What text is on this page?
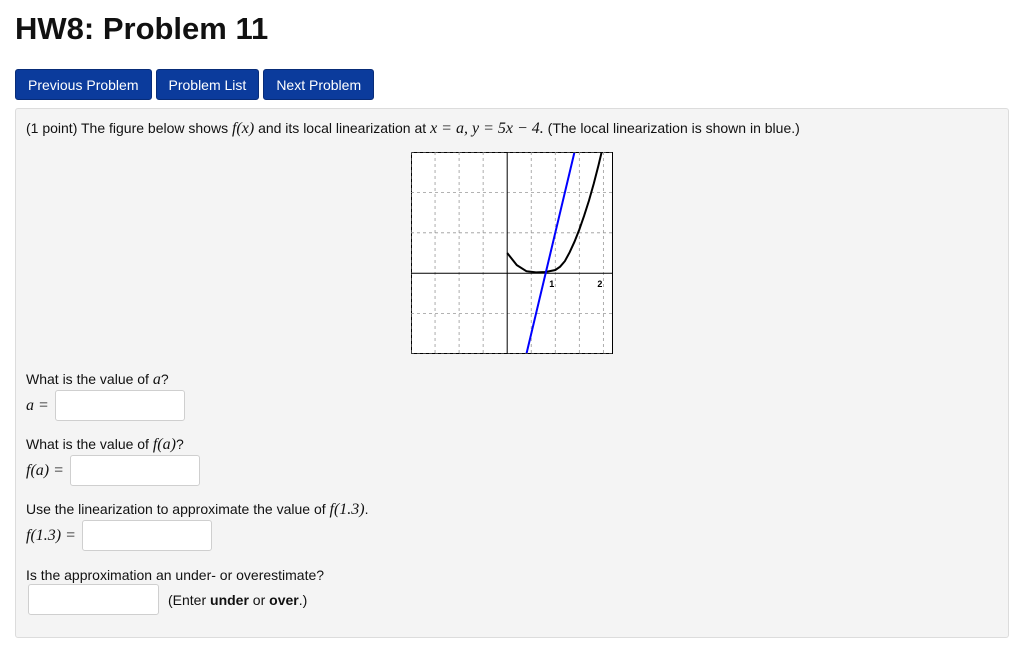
HW8: Problem 11
Previous Problem	Problem List	Next Problem
(1 point) The figure below shows f(x) and its local linearization at x = a, y = 5x − 4. (The local linearization is shown in blue.)
1	2
What is the value of a?
a =
What is the value of f(a)?
f(a) =
Use the linearization to approximate the value of f(1.3).
f(1.3) =
Is the approximation an under- or overestimate?
(Enter under or over.)
